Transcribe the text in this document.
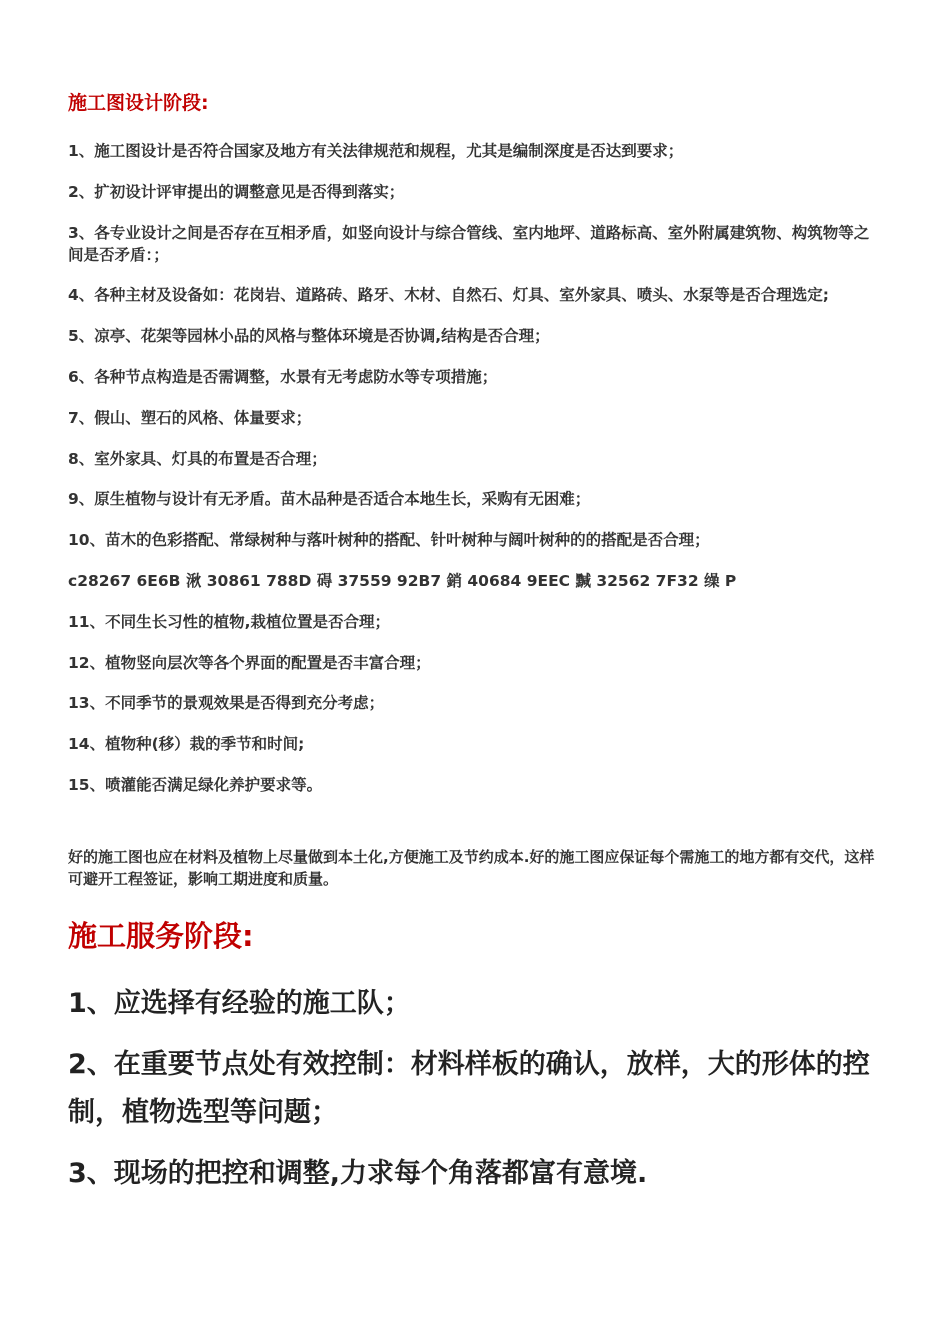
施工图设计阶段:
1、施工图设计是否符合国家及地方有关法律规范和规程，尤其是编制深度是否达到要求；
2、扩初设计评审提出的调整意见是否得到落实；
3、各专业设计之间是否存在互相矛盾，如竖向设计与综合管线、室内地坪、道路标高、室外附属建筑物、构筑物等之间是否矛盾：；
4、各种主材及设备如：花岗岩、道路砖、路牙、木材、自然石、灯具、室外家具、喷头、水泵等是否合理选定;
5、凉亭、花架等园林小品的风格与整体环境是否协调,结构是否合理；
6、各种节点构造是否需调整，水景有无考虑防水等专项措施；
7、假山、塑石的风格、体量要求；
8、室外家具、灯具的布置是否合理；
9、原生植物与设计有无矛盾。苗木品种是否适合本地生长，采购有无困难；
10、苗木的色彩搭配、常绿树种与落叶树种的搭配、针叶树种与阔叶树种的的搭配是否合理；
c28267 6E6B 湫 30861 788D 碍 37559 92B7 銷 40684 9EEC 黬 32562 7F32 缲 P
11、不同生长习性的植物,栽植位置是否合理；
12、植物竖向层次等各个界面的配置是否丰富合理；
13、不同季节的景观效果是否得到充分考虑；
14、植物种(移）栽的季节和时间;
15、喷灌能否满足绿化养护要求等。

好的施工图也应在材料及植物上尽量做到本土化,方便施工及节约成本.好的施工图应保证每个需施工的地方都有交代，这样可避开工程签证，影响工期进度和质量。

施工服务阶段:
1、应选择有经验的施工队；
2、在重要节点处有效控制：材料样板的确认，放样，大的形体的控制，植物选型等问题；
3、现场的把控和调整,力求每个角落都富有意境.
